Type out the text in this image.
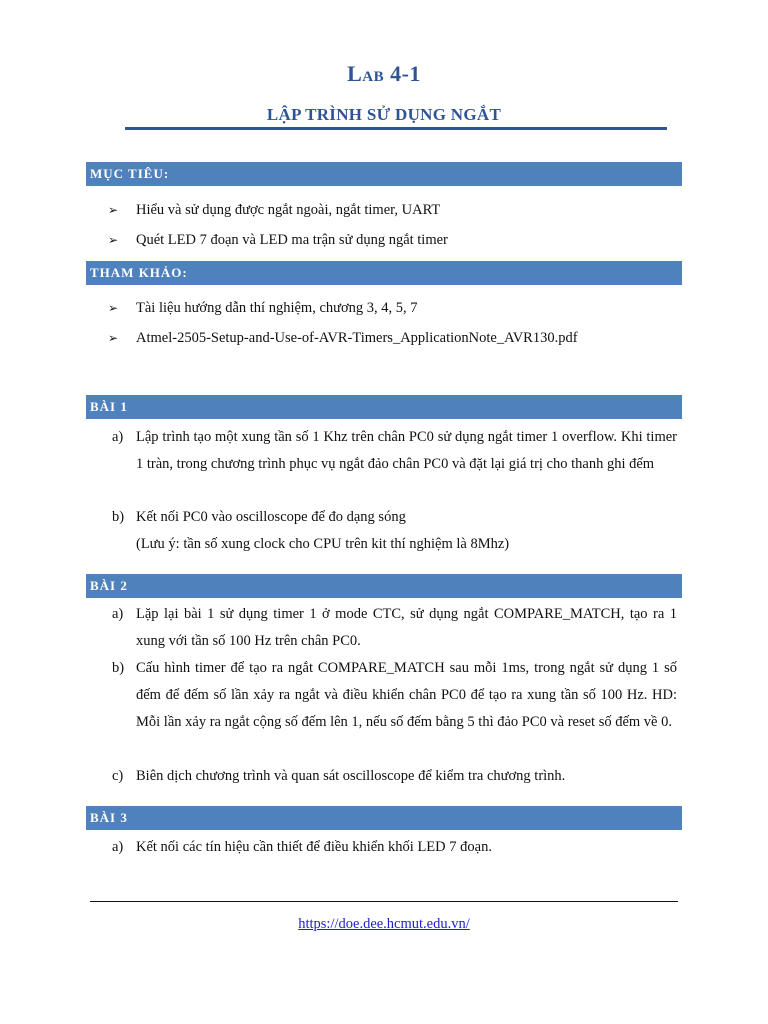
Lab 4-1
LẬP TRÌNH SỬ DỤNG NGẮT
MỤC TIÊU:
➢	Hiểu và sử dụng được ngắt ngoài, ngắt timer, UART
➢	Quét LED 7 đoạn và LED ma trận sử dụng ngắt timer
THAM KHẢO:
➢	Tài liệu hướng dẫn thí nghiệm, chương 3, 4, 5, 7
➢	Atmel-2505-Setup-and-Use-of-AVR-Timers_ApplicationNote_AVR130.pdf
BÀI 1
a) Lập trình tạo một xung tần số 1 Khz trên chân PC0 sử dụng ngắt timer 1 overflow. Khi timer 1 tràn, trong chương trình phục vụ ngắt đảo chân PC0 và đặt lại giá trị cho thanh ghi đếm
b) Kết nối PC0 vào oscilloscope để đo dạng sóng
(Lưu ý: tần số xung clock cho CPU trên kit thí nghiệm là 8Mhz)
BÀI 2
a) Lặp lại bài 1 sử dụng timer 1 ở mode CTC, sử dụng ngắt COMPARE_MATCH, tạo ra 1 xung với tần số 100 Hz trên chân PC0.
b) Cấu hình timer để tạo ra ngắt COMPARE_MATCH sau mỗi 1ms, trong ngắt sử dụng 1 số đếm để đếm số lần xảy ra ngắt và điều khiển chân PC0 để tạo ra xung tần số 100 Hz. HD: Mỗi lần xảy ra ngắt cộng số đếm lên 1, nếu số đếm bằng 5 thì đảo PC0 và reset số đếm về 0.
c) Biên dịch chương trình và quan sát oscilloscope để kiểm tra chương trình.
BÀI 3
a) Kết nối các tín hiệu cần thiết để điều khiển khối LED 7 đoạn.
https://doe.dee.hcmut.edu.vn/
